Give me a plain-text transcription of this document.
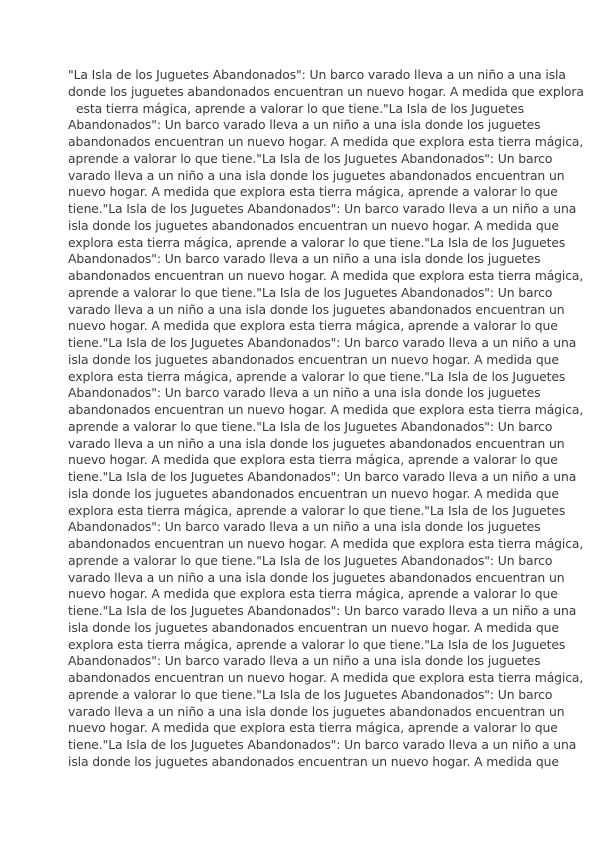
"La Isla de los Juguetes Abandonados": Un barco varado lleva a un niño a una isla
donde los juguetes abandonados encuentran un nuevo hogar. A medida que explora
esta tierra mágica, aprende a valorar lo que tiene."La Isla de los Juguetes
Abandonados": Un barco varado lleva a un niño a una isla donde los juguetes
abandonados encuentran un nuevo hogar. A medida que explora esta tierra mágica,
aprende a valorar lo que tiene."La Isla de los Juguetes Abandonados": Un barco
varado lleva a un niño a una isla donde los juguetes abandonados encuentran un
nuevo hogar. A medida que explora esta tierra mágica, aprende a valorar lo que
tiene."La Isla de los Juguetes Abandonados": Un barco varado lleva a un niño a una
isla donde los juguetes abandonados encuentran un nuevo hogar. A medida que
explora esta tierra mágica, aprende a valorar lo que tiene."La Isla de los Juguetes
Abandonados": Un barco varado lleva a un niño a una isla donde los juguetes
abandonados encuentran un nuevo hogar. A medida que explora esta tierra mágica,
aprende a valorar lo que tiene."La Isla de los Juguetes Abandonados": Un barco
varado lleva a un niño a una isla donde los juguetes abandonados encuentran un
nuevo hogar. A medida que explora esta tierra mágica, aprende a valorar lo que
tiene."La Isla de los Juguetes Abandonados": Un barco varado lleva a un niño a una
isla donde los juguetes abandonados encuentran un nuevo hogar. A medida que
explora esta tierra mágica, aprende a valorar lo que tiene."La Isla de los Juguetes
Abandonados": Un barco varado lleva a un niño a una isla donde los juguetes
abandonados encuentran un nuevo hogar. A medida que explora esta tierra mágica,
aprende a valorar lo que tiene."La Isla de los Juguetes Abandonados": Un barco
varado lleva a un niño a una isla donde los juguetes abandonados encuentran un
nuevo hogar. A medida que explora esta tierra mágica, aprende a valorar lo que
tiene."La Isla de los Juguetes Abandonados": Un barco varado lleva a un niño a una
isla donde los juguetes abandonados encuentran un nuevo hogar. A medida que
explora esta tierra mágica, aprende a valorar lo que tiene."La Isla de los Juguetes
Abandonados": Un barco varado lleva a un niño a una isla donde los juguetes
abandonados encuentran un nuevo hogar. A medida que explora esta tierra mágica,
aprende a valorar lo que tiene."La Isla de los Juguetes Abandonados": Un barco
varado lleva a un niño a una isla donde los juguetes abandonados encuentran un
nuevo hogar. A medida que explora esta tierra mágica, aprende a valorar lo que
tiene."La Isla de los Juguetes Abandonados": Un barco varado lleva a un niño a una
isla donde los juguetes abandonados encuentran un nuevo hogar. A medida que
explora esta tierra mágica, aprende a valorar lo que tiene."La Isla de los Juguetes
Abandonados": Un barco varado lleva a un niño a una isla donde los juguetes
abandonados encuentran un nuevo hogar. A medida que explora esta tierra mágica,
aprende a valorar lo que tiene."La Isla de los Juguetes Abandonados": Un barco
varado lleva a un niño a una isla donde los juguetes abandonados encuentran un
nuevo hogar. A medida que explora esta tierra mágica, aprende a valorar lo que
tiene."La Isla de los Juguetes Abandonados": Un barco varado lleva a un niño a una
isla donde los juguetes abandonados encuentran un nuevo hogar. A medida que
